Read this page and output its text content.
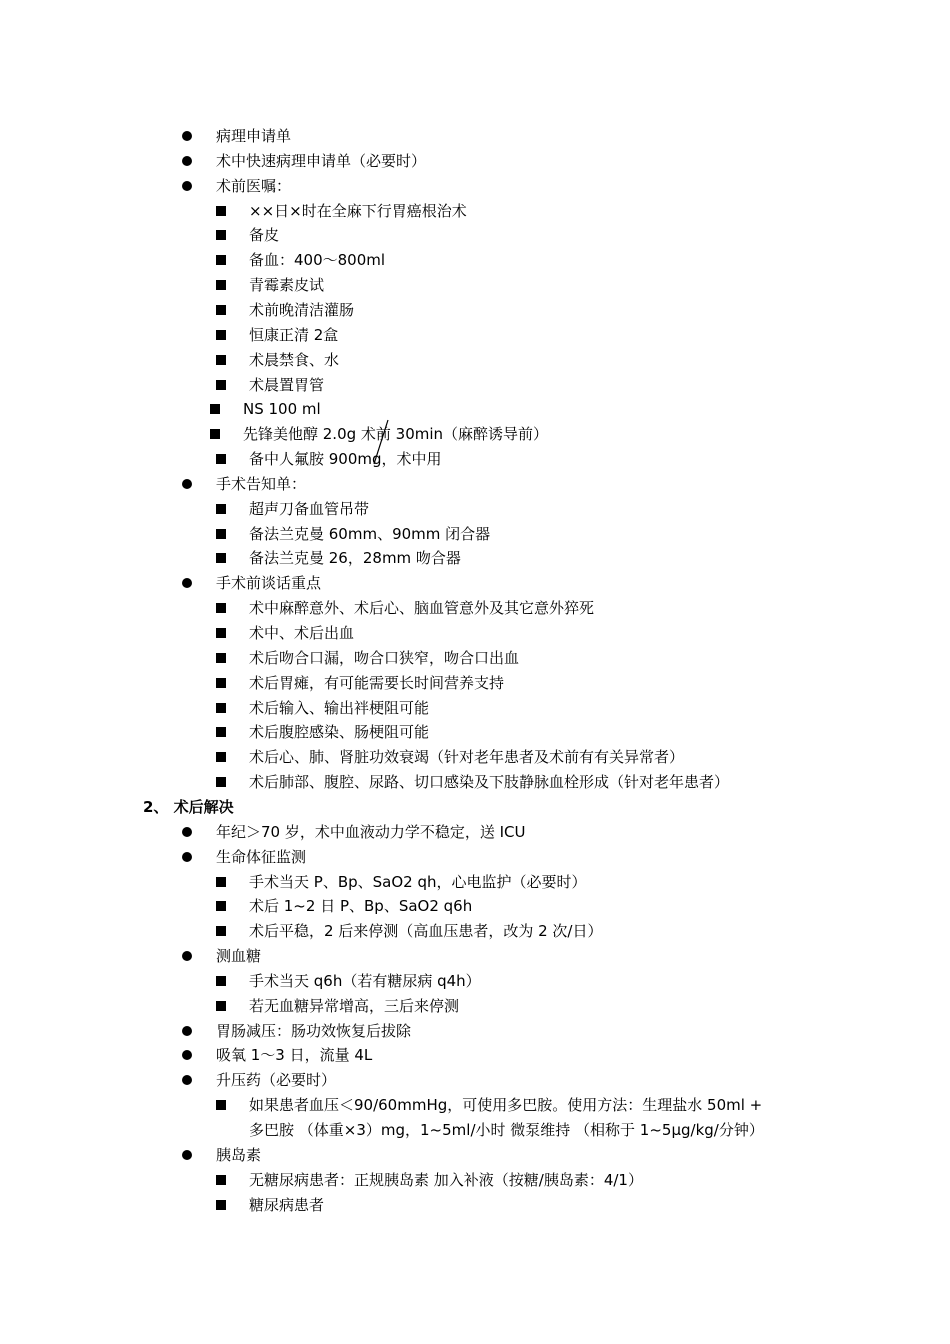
病理申请单
术中快速病理申请单（必要时）
术前医嘱：
××日×时在全麻下行胃癌根治术
备皮
备血：400～800ml
青霉素皮试
术前晚清洁灌肠
恒康正清 2盒
术晨禁食、水
术晨置胃管
NS 100 ml
先锋美他醇 2.0g 术前 30min（麻醉诱导前）
备中人氟胺 900mg，术中用
手术告知单：
超声刀备血管吊带
备法兰克曼 60mm、90mm 闭合器
备法兰克曼 26，28mm 吻合器
手术前谈话重点
术中麻醉意外、术后心、脑血管意外及其它意外猝死
术中、术后出血
术后吻合口漏，吻合口狭窄，吻合口出血
术后胃瘫，有可能需要长时间营养支持
术后输入、输出袢梗阻可能
术后腹腔感染、肠梗阻可能
术后心、肺、肾脏功效衰竭（针对老年患者及术前有有关异常者）
术后肺部、腹腔、尿路、切口感染及下肢静脉血栓形成（针对老年患者）
2、 术后解决
年纪＞70 岁，术中血液动力学不稳定，送 ICU
生命体征监测
手术当天 P、Bp、SaO2 qh，心电监护（必要时）
术后 1~2 日 P、Bp、SaO2 q6h
术后平稳，2 后来停测（高血压患者，改为 2 次/日）
测血糖
手术当天 q6h（若有糖尿病 q4h）
若无血糖异常增高，三后来停测
胃肠减压：肠功效恢复后拔除
吸氧 1～3 日，流量 4L
升压药（必要时）
如果患者血压＜90/60mmHg，可使用多巴胺。使用方法：生理盐水 50ml +
多巴胺 （体重×3）mg，1~5ml/小时 微泵维持 （相称于 1~5μg/kg/分钟）
胰岛素
无糖尿病患者：正规胰岛素 加入补液（按糖/胰岛素：4/1）
糖尿病患者
